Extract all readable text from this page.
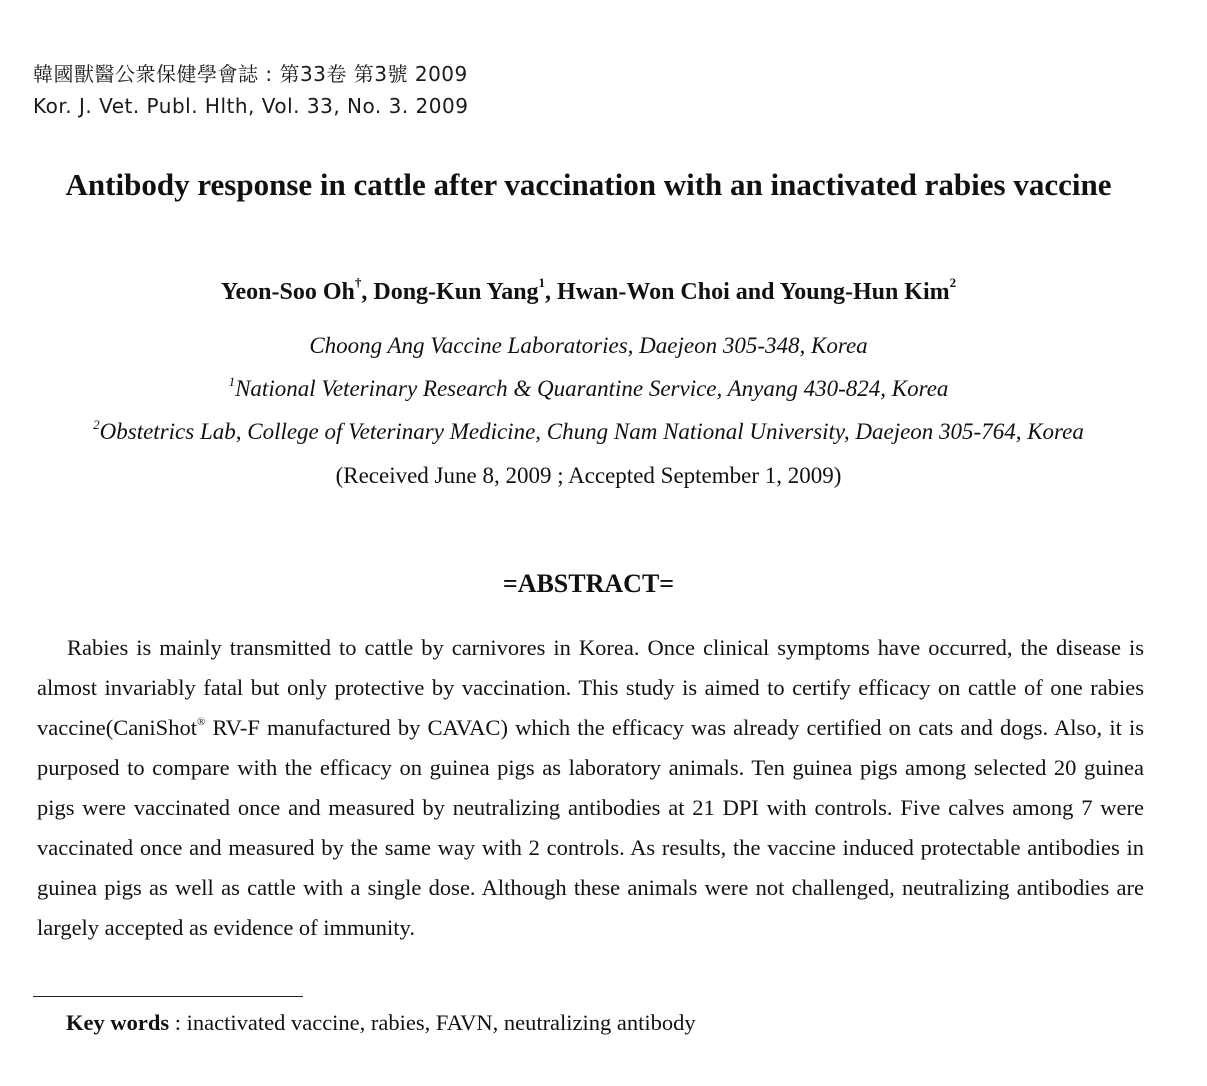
韓國獸醫公衆保健學會誌 : 第33卷 第3號 2009
Kor. J. Vet. Publ. Hlth, Vol. 33, No. 3. 2009
Antibody response in cattle after vaccination with an inactivated rabies vaccine
Yeon-Soo Oh†, Dong-Kun Yang$^1$, Hwan-Won Choi and Young-Hun Kim$^2$
Choong Ang Vaccine Laboratories, Daejeon 305-348, Korea
$^1$National Veterinary Research & Quarantine Service, Anyang 430-824, Korea
$^2$Obstetrics Lab, College of Veterinary Medicine, Chung Nam National University, Daejeon 305-764, Korea
(Received June 8, 2009 ; Accepted September 1, 2009)
=ABSTRACT=

Rabies is mainly transmitted to cattle by carnivores in Korea. Once clinical symptoms have occurred, the disease is almost invariably fatal but only protective by vaccination. This study is aimed to certify efficacy on cattle of one rabies vaccine(CaniShot® RV-F manufactured by CAVAC) which the efficacy was already certified on cats and dogs. Also, it is purposed to compare with the efficacy on guinea pigs as laboratory animals. Ten guinea pigs among selected 20 guinea pigs were vaccinated once and measured by neutralizing antibodies at 21 DPI with controls. Five calves among 7 were vaccinated once and measured by the same way with 2 controls. As results, the vaccine induced protectable antibodies in guinea pigs as well as cattle with a single dose. Although these animals were not challenged, neutralizing antibodies are largely accepted as evidence of immunity.

Key words : inactivated vaccine, rabies, FAVN, neutralizing antibody
